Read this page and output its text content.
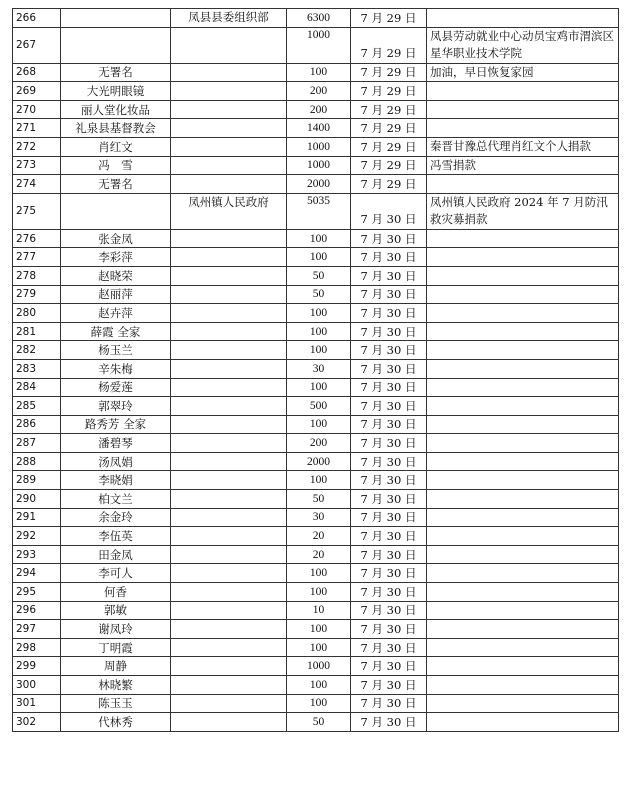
266		凤县县委组织部	6300	7 月 29 日	
267			1000	7 月 29 日	凤县劳动就业中心动员宝鸡市渭滨区星华职业技术学院
268	无署名		100	7 月 29 日	加油，早日恢复家园
269	大光明眼镜		200	7 月 29 日	
270	丽人堂化妆品		200	7 月 29 日	
271	礼泉县基督教会		1400	7 月 29 日	
272	肖红文		1000	7 月 29 日	秦晋甘豫总代理肖红文个人捐款
273	冯　雪		1000	7 月 29 日	冯雪捐款
274	无署名		2000	7 月 29 日	
275		凤州镇人民政府	5035	7 月 30 日	凤州镇人民政府 2024 年 7 月防汛救灾募捐款
276	张金凤		100	7 月 30 日	
277	李彩萍		100	7 月 30 日	
278	赵晓荣		50	7 月 30 日	
279	赵丽萍		50	7 月 30 日	
280	赵卉萍		100	7 月 30 日	
281	薛霞 全家		100	7 月 30 日	
282	杨玉兰		100	7 月 30 日	
283	辛朱梅		30	7 月 30 日	
284	杨爱莲		100	7 月 30 日	
285	郭翠玲		500	7 月 30 日	
286	路秀芳 全家		100	7 月 30 日	
287	潘碧琴		200	7 月 30 日	
288	汤凤娟		2000	7 月 30 日	
289	李晓娟		100	7 月 30 日	
290	柏文兰		50	7 月 30 日	
291	余金玲		30	7 月 30 日	
292	李伍英		20	7 月 30 日	
293	田金凤		20	7 月 30 日	
294	李可人		100	7 月 30 日	
295	何香		100	7 月 30 日	
296	郭敏		10	7 月 30 日	
297	谢凤玲		100	7 月 30 日	
298	丁明霞		100	7 月 30 日	
299	周静		1000	7 月 30 日	
300	林晓繁		100	7 月 30 日	
301	陈玉玉		100	7 月 30 日	
302	代林秀		50	7 月 30 日	
